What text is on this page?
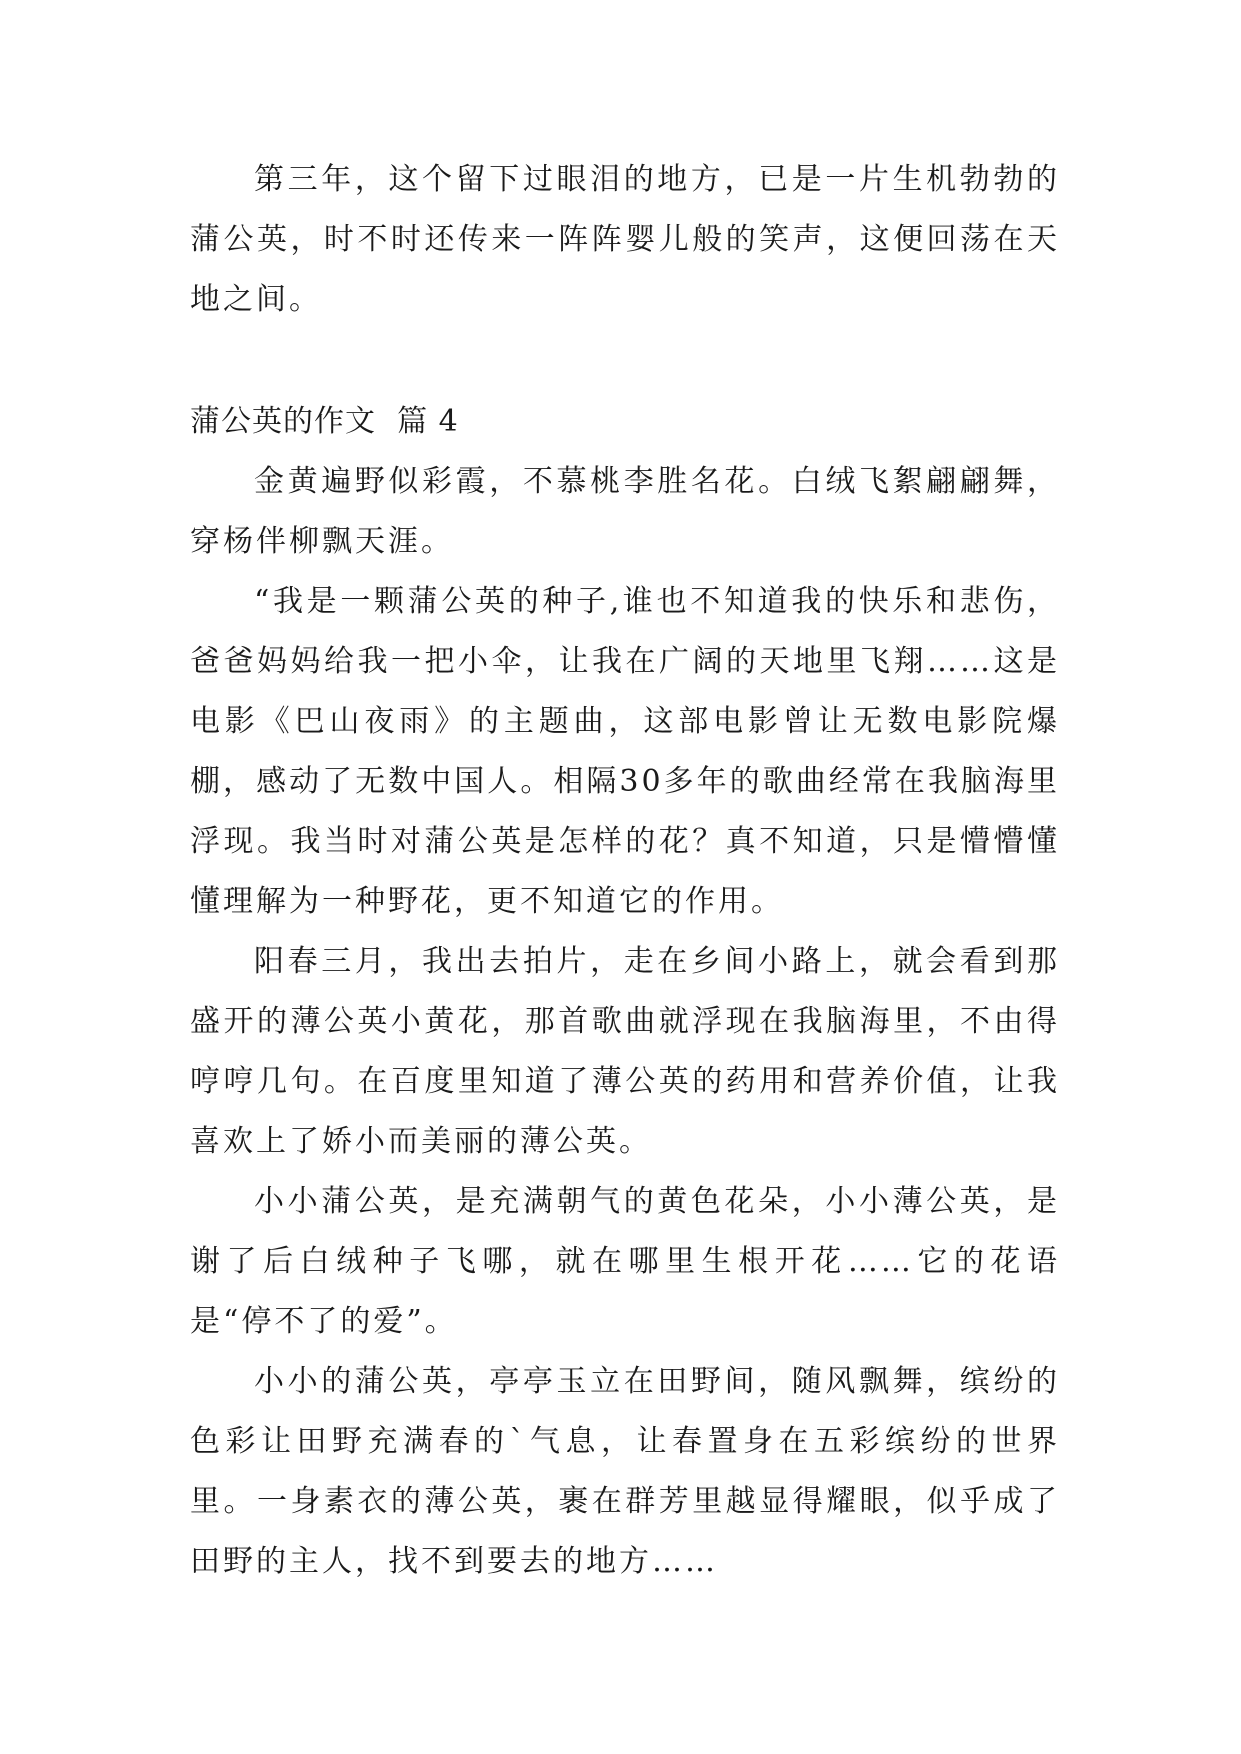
第三年，这个留下过眼泪的地方，已是一片生机勃勃的蒲公英，时不时还传来一阵阵婴儿般的笑声，这便回荡在天地之间。

蒲公英的作文  篇 4

金黄遍野似彩霞，不慕桃李胜名花。白绒飞絮翩翩舞，穿杨伴柳飘天涯。

“我是一颗蒲公英的种子,谁也不知道我的快乐和悲伤，爸爸妈妈给我一把小伞，让我在广阔的天地里飞翔……这是电影《巴山夜雨》的主题曲，这部电影曾让无数电影院爆棚，感动了无数中国人。相隔30多年的歌曲经常在我脑海里浮现。我当时对蒲公英是怎样的花？真不知道，只是懵懵懂懂理解为一种野花，更不知道它的作用。

阳春三月，我出去拍片，走在乡间小路上，就会看到那盛开的薄公英小黄花，那首歌曲就浮现在我脑海里，不由得哼哼几句。在百度里知道了薄公英的药用和营养价值，让我喜欢上了娇小而美丽的薄公英。

小小蒲公英，是充满朝气的黄色花朵，小小薄公英，是谢了后白绒种子飞哪，就在哪里生根开花……它的花语是“停不了的爱”。

小小的蒲公英，亭亭玉立在田野间，随风飘舞，缤纷的色彩让田野充满春的`气息，让春置身在五彩缤纷的世界里。一身素衣的薄公英，裹在群芳里越显得耀眼，似乎成了田野的主人，找不到要去的地方……
